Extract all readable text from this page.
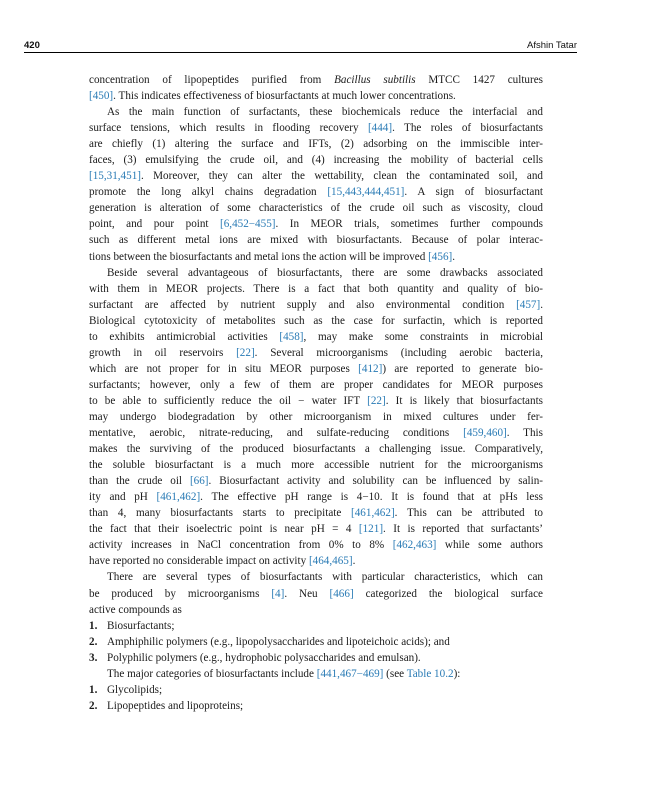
420	Afshin Tatar
concentration of lipopeptides purified from Bacillus subtilis MTCC 1427 cultures
[450]. This indicates effectiveness of biosurfactants at much lower concentrations.
As the main function of surfactants, these biochemicals reduce the interfacial and
surface tensions, which results in flooding recovery [444]. The roles of biosurfactants
are chiefly (1) altering the surface and IFTs, (2) adsorbing on the immiscible inter-
faces, (3) emulsifying the crude oil, and (4) increasing the mobility of bacterial cells
[15,31,451]. Moreover, they can alter the wettability, clean the contaminated soil, and
promote the long alkyl chains degradation [15,443,444,451]. A sign of biosurfactant
generation is alteration of some characteristics of the crude oil such as viscosity, cloud
point, and pour point [6,452−455]. In MEOR trials, sometimes further compounds
such as different metal ions are mixed with biosurfactants. Because of polar interac-
tions between the biosurfactants and metal ions the action will be improved [456].
Beside several advantageous of biosurfactants, there are some drawbacks associated
with them in MEOR projects. There is a fact that both quantity and quality of bio-
surfactant are affected by nutrient supply and also environmental condition [457].
Biological cytotoxicity of metabolites such as the case for surfactin, which is reported
to exhibits antimicrobial activities [458], may make some constraints in microbial
growth in oil reservoirs [22]. Several microorganisms (including aerobic bacteria,
which are not proper for in situ MEOR purposes [412]) are reported to generate bio-
surfactants; however, only a few of them are proper candidates for MEOR purposes
to be able to sufficiently reduce the oil − water IFT [22]. It is likely that biosurfactants
may undergo biodegradation by other microorganism in mixed cultures under fer-
mentative, aerobic, nitrate-reducing, and sulfate-reducing conditions [459,460]. This
makes the surviving of the produced biosurfactants a challenging issue. Comparatively,
the soluble biosurfactant is a much more accessible nutrient for the microorganisms
than the crude oil [66]. Biosurfactant activity and solubility can be influenced by salin-
ity and pH [461,462]. The effective pH range is 4−10. It is found that at pHs less
than 4, many biosurfactants starts to precipitate [461,462]. This can be attributed to
the fact that their isoelectric point is near pH = 4 [121]. It is reported that surfactants’
activity increases in NaCl concentration from 0% to 8% [462,463] while some authors
have reported no considerable impact on activity [464,465].
There are several types of biosurfactants with particular characteristics, which can
be produced by microorganisms [4]. Neu [466] categorized the biological surface
active compounds as
1. Biosurfactants;
2. Amphiphilic polymers (e.g., lipopolysaccharides and lipoteichoic acids); and
3. Polyphilic polymers (e.g., hydrophobic polysaccharides and emulsan).
The major categories of biosurfactants include [441,467−469] (see Table 10.2):
1. Glycolipids;
2. Lipopeptides and lipoproteins;
